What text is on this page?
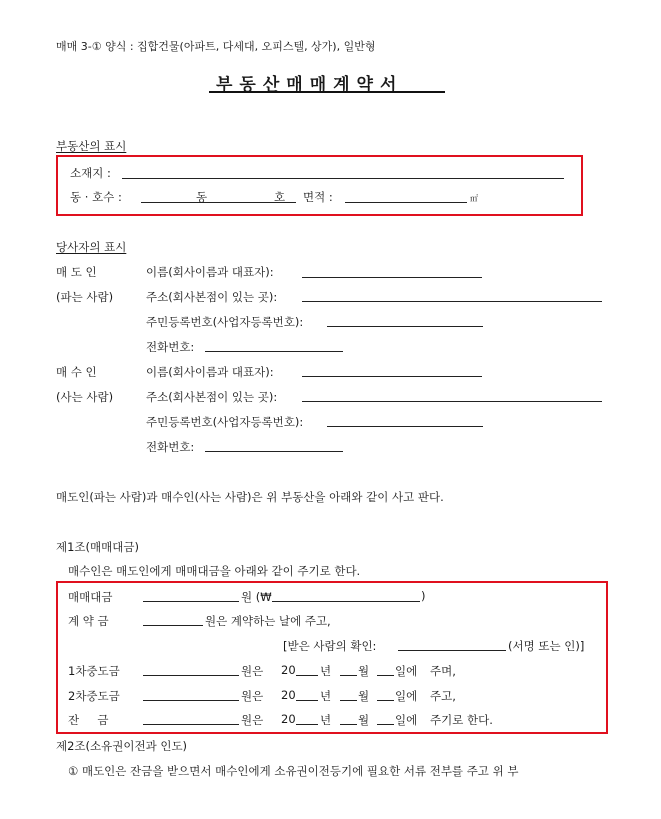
매매 3-① 양식 : 집합건물(아파트, 다세대, 오피스텔, 상가), 일반형
부동산매매계약서
부동산의 표시
소재지 :
동 · 호수 :	동	호 면적 :	㎡
당사자의 표시
매 도 인
(파는 사람)
이름(회사이름과 대표자):
주소(회사본점이 있는 곳):
주민등록번호(사업자등록번호):
전화번호:
매 수 인
(사는 사람)
이름(회사이름과 대표자):
주소(회사본점이 있는 곳):
주민등록번호(사업자등록번호):
전화번호:
매도인(파는 사람)과 매수인(사는 사람)은 위 부동산을 아래와 같이 사고 판다.
제1조(매매대금)
매수인은 매도인에게 매매대금을 아래와 같이 주기로 한다.
매매대금	원 (₩	)
계 약 금	원은 계약하는 날에 주고,
[받은 사람의 확인:	(서명 또는 인)]
1차중도금	원은 20 년 월 일에 주며,
2차중도금	원은 20 년 월 일에 주고,
잔     금	원은 20 년 월 일에 주기로 한다.
제2조(소유권이전과 인도)
① 매도인은 잔금을 받으면서 매수인에게 소유권이전등기에 필요한 서류 전부를 주고 위 부
